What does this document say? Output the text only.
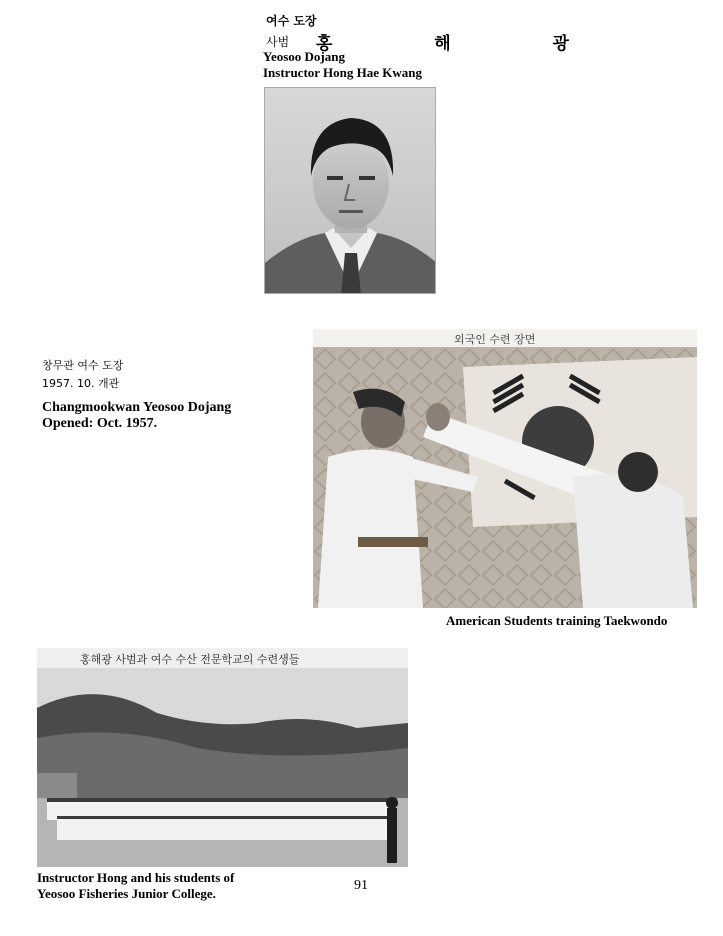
여수 도장
사범 홍  해  광
Yeosoo Dojang
Instructor Hong Hae Kwang
창무관 여수 도장
1957. 10. 개관
Changmookwan Yeosoo Dojang
Opened: Oct. 1957.
외국인 수련 장면
American Students training Taekwondo
홍해광 사범과 여수 수산 전문학교의 수련생들
Instructor Hong and his students of
Yeosoo Fisheries Junior College.
91
